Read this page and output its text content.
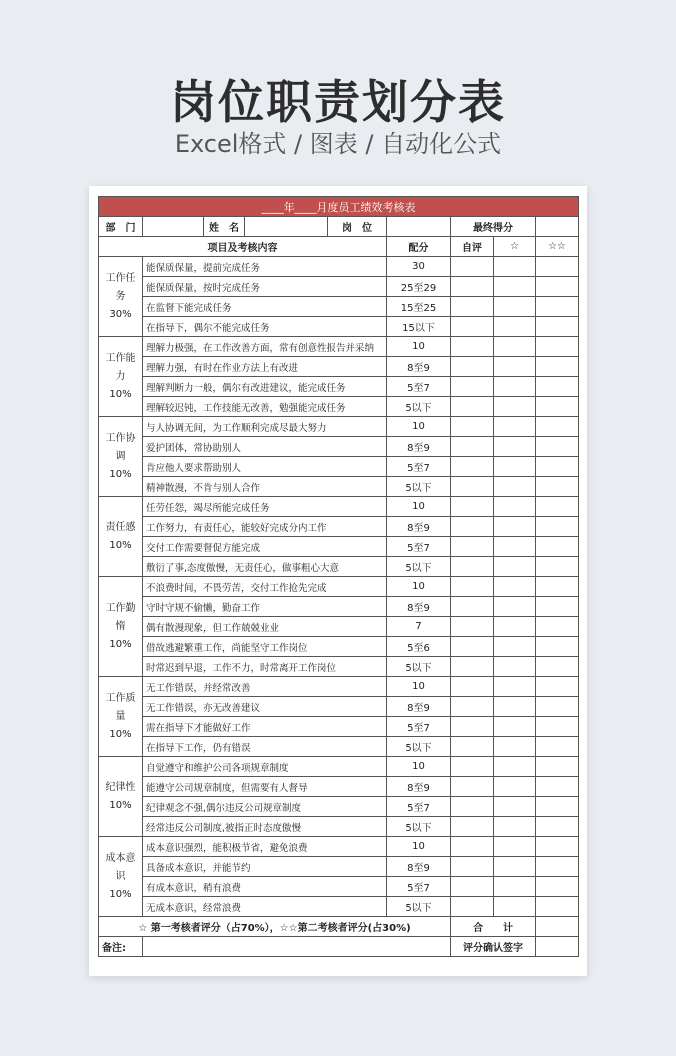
岗位职责划分表
Excel格式 / 图表 / 自动化公式
____年____月度员工绩效考核表								
部　门		姓　名		岗　位		最终得分		
项目及考核内容					配分	自评	☆	☆☆

工作任务
30%	能保质保量，提前完成任务				30			
	能保质保量，按时完成任务				25至29			
	在监督下能完成任务				15至25			
	在指导下，偶尔不能完成任务				15以下			

工作能力
10%	理解力极强，在工作改善方面，常有创意性报告并采纳				10			
	理解力强，有时在作业方法上有改进				8至9			
	理解判断力一般，偶尔有改进建议，能完成任务				5至7			
	理解较迟钝，工作技能无改善，勉强能完成任务				5以下			

工作协调
10%	与人协调无间，为工作顺利完成尽最大努力				10			
	爱护团体，常协助别人				8至9			
	肯应他人要求帮助别人				5至7			
	精神散漫，不肯与别人合作				5以下			

责任感
10%	任劳任怨，竭尽所能完成任务				10			
	工作努力，有责任心，能较好完成分内工作				8至9			
	交付工作需要督促方能完成				5至7			
	敷衍了事,态度傲慢，无责任心，做事粗心大意				5以下			

工作勤惰
10%	不浪费时间，不畏劳苦，交付工作抢先完成				10			
	守时守规不偷懒，勤奋工作				8至9			
	偶有散漫现象，但工作兢兢业业				7			
	借故逃避繁重工作，尚能坚守工作岗位				5至6			
	时常迟到早退，工作不力，时常离开工作岗位				5以下			

工作质量
10%	无工作错误，并经常改善				10			
	无工作错误，亦无改善建议				8至9			
	需在指导下才能做好工作				5至7			
	在指导下工作，仍有错误				5以下			

纪律性
10%	自觉遵守和维护公司各项规章制度				10			
	能遵守公司规章制度，但需要有人督导				8至9			
	纪律观念不强,偶尔违反公司规章制度				5至7			
	经常违反公司制度,被指正时态度傲慢				5以下			

成本意识
10%	成本意识强烈，能积极节省，避免浪费				10			
	具备成本意识，并能节约				8至9			
	有成本意识，稍有浪费				5至7			
	无成本意识，经常浪费				5以下			
☆ 第一考核者评分（占70%），☆☆第二考核者评分(占30%)						合　　计		
备注:						评分确认签字		
